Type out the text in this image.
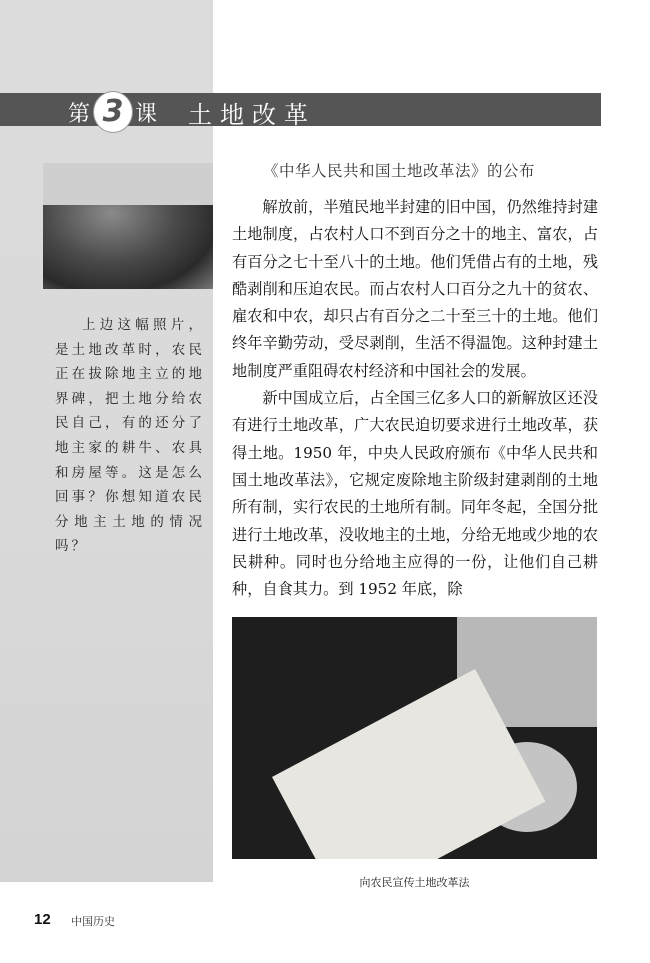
第 3 课 土地改革
上边这幅照片，是土地改革时，农民正在拔除地主立的地界碑，把土地分给农民自己，有的还分了地主家的耕牛、农具和房屋等。这是怎么回事？你想知道农民分地主土地的情况吗？
《中华人民共和国土地改革法》的公布

解放前，半殖民地半封建的旧中国，仍然维持封建土地制度，占农村人口不到百分之十的地主、富农，占有百分之七十至八十的土地。他们凭借占有的土地，残酷剥削和压迫农民。而占农村人口百分之九十的贫农、雇农和中农，却只占有百分之二十至三十的土地。他们终年辛勤劳动，受尽剥削，生活不得温饱。这种封建土地制度严重阻碍农村经济和中国社会的发展。

新中国成立后，占全国三亿多人口的新解放区还没有进行土地改革，广大农民迫切要求进行土地改革，获得土地。1950 年，中央人民政府颁布《中华人民共和国土地改革法》，它规定废除地主阶级封建剥削的土地所有制，实行农民的土地所有制。同年冬起，全国分批进行土地改革，没收地主的土地，分给无地或少地的农民耕种。同时也分给地主应得的一份，让他们自己耕种，自食其力。到 1952 年底，除

向农民宣传土地改革法
12 中国历史
